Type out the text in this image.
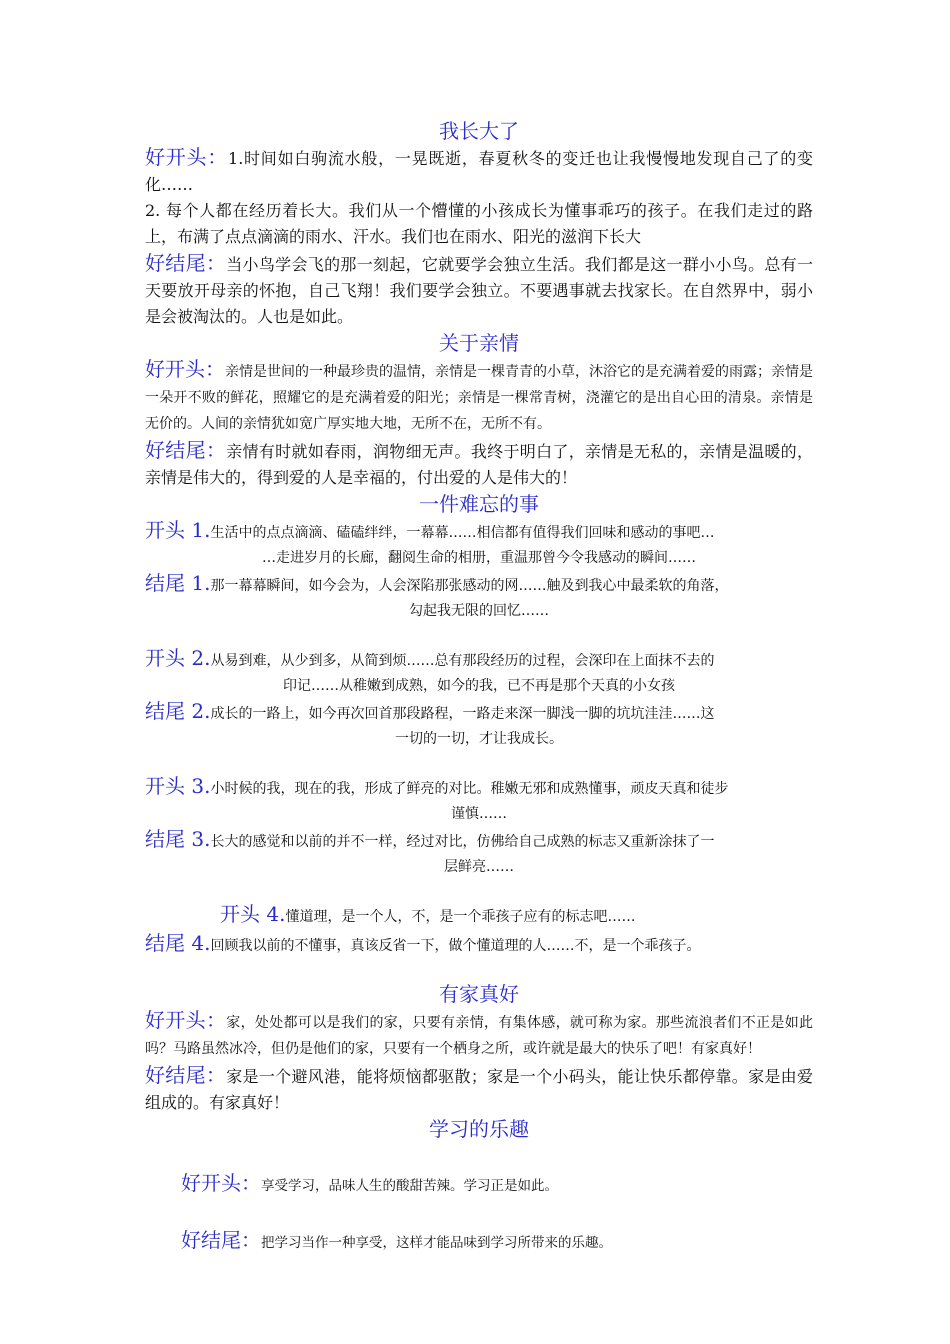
我长大了
好开头：1.时间如白驹流水般，一晃既逝，春夏秋冬的变迁也让我慢慢地发现自己了的变化……
2. 每个人都在经历着长大。我们从一个懵懂的小孩成长为懂事乖巧的孩子。在我们走过的路上，布满了点点滴滴的雨水、汗水。我们也在雨水、阳光的滋润下长大
好结尾：当小鸟学会飞的那一刻起，它就要学会独立生活。我们都是这一群小小鸟。总有一天要放开母亲的怀抱，自己飞翔！我们要学会独立。不要遇事就去找家长。在自然界中，弱小是会被淘汰的。人也是如此。
关于亲情
好开头：亲情是世间的一种最珍贵的温情，亲情是一棵青青的小草，沐浴它的是充满着爱的雨露；亲情是一朵开不败的鲜花，照耀它的是充满着爱的阳光；亲情是一棵常青树，浇灌它的是出自心田的清泉。亲情是无价的。人间的亲情犹如宽广厚实地大地，无所不在，无所不有。
好结尾：亲情有时就如春雨，润物细无声。我终于明白了，亲情是无私的，亲情是温暖的，亲情是伟大的，得到爱的人是幸福的，付出爱的人是伟大的！
一件难忘的事
开头 1.生活中的点点滴滴、磕磕绊绊，一幕幕……相信都有值得我们回味和感动的事吧…
…走进岁月的长廊，翻阅生命的相册，重温那曾今令我感动的瞬间……
结尾 1.那一幕幕瞬间，如今会为，人会深陷那张感动的网……触及到我心中最柔软的角落，
勾起我无限的回忆……
开头 2.从易到难，从少到多，从简到烦……总有那段经历的过程，会深印在上面抹不去的
印记……从稚嫩到成熟，如今的我，已不再是那个天真的小女孩
结尾 2.成长的一路上，如今再次回首那段路程，一路走来深一脚浅一脚的坑坑洼洼……这
一切的一切，才让我成长。
开头 3.小时候的我，现在的我，形成了鲜亮的对比。稚嫩无邪和成熟懂事，顽皮天真和徒步
谨慎……
结尾 3.长大的感觉和以前的并不一样，经过对比，仿佛给自己成熟的标志又重新涂抹了一
层鲜亮……
开头 4.懂道理，是一个人，不，是一个乖孩子应有的标志吧……
结尾 4.回顾我以前的不懂事，真该反省一下，做个懂道理的人……不，是一个乖孩子。
有家真好
好开头：家，处处都可以是我们的家，只要有亲情，有集体感，就可称为家。那些流浪者们不正是如此吗？马路虽然冰冷，但仍是他们的家，只要有一个栖身之所，或许就是最大的快乐了吧！有家真好！
好结尾：家是一个避风港，能将烦恼都驱散；家是一个小码头，能让快乐都停靠。家是由爱组成的。有家真好！
学习的乐趣
好开头：享受学习，品味人生的酸甜苦辣。学习正是如此。
好结尾：把学习当作一种享受，这样才能品味到学习所带来的乐趣。
